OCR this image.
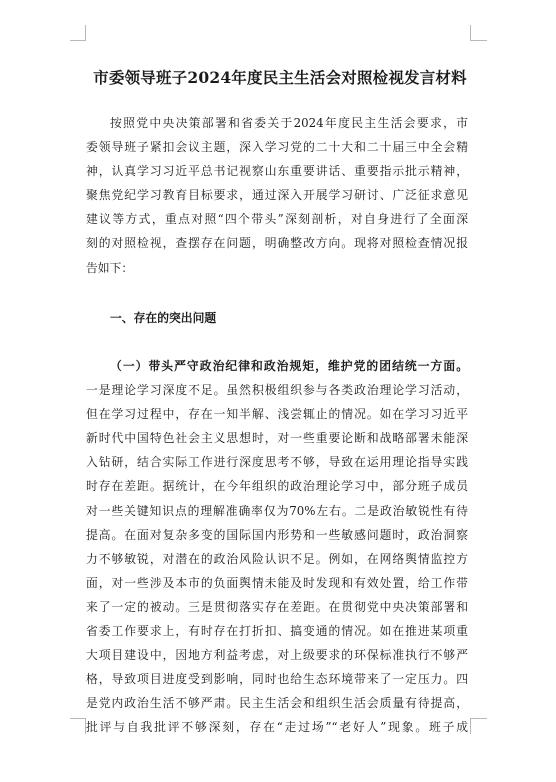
市委领导班子2024年度民主生活会对照检视发言材料
按照党中央决策部署和省委关于2024年度民主生活会要求，市
委领导班子紧扣会议主题，深入学习党的二十大和二十届三中全会精
神，认真学习习近平总书记视察山东重要讲话、重要指示批示精神，
聚焦党纪学习教育目标要求，通过深入开展学习研讨、广泛征求意见
建议等方式，重点对照“四个带头”深刻剖析，对自身进行了全面深
刻的对照检视，查摆存在问题，明确整改方向。现将对照检查情况报
告如下：
一、存在的突出问题
（一）带头严守政治纪律和政治规矩，维护党的团结统一方面。
一是理论学习深度不足。虽然积极组织参与各类政治理论学习活动，
但在学习过程中，存在一知半解、浅尝辄止的情况。如在学习习近平
新时代中国特色社会主义思想时，对一些重要论断和战略部署未能深
入钻研，结合实际工作进行深度思考不够，导致在运用理论指导实践
时存在差距。据统计，在今年组织的政治理论学习中，部分班子成员
对一些关键知识点的理解准确率仅为70%左右。二是政治敏锐性有待
提高。在面对复杂多变的国际国内形势和一些敏感问题时，政治洞察
力不够敏锐，对潜在的政治风险认识不足。例如，在网络舆情监控方
面，对一些涉及本市的负面舆情未能及时发现和有效处置，给工作带
来了一定的被动。三是贯彻落实存在差距。在贯彻党中央决策部署和
省委工作要求上，有时存在打折扣、搞变通的情况。如在推进某项重
大项目建设中，因地方利益考虑，对上级要求的环保标准执行不够严
格，导致项目进度受到影响，同时也给生态环境带来了一定压力。四
是党内政治生活不够严肃。民主生活会和组织生活会质量有待提高，
批评与自我批评不够深刻，存在“走过场”“老好人”现象。班子成
